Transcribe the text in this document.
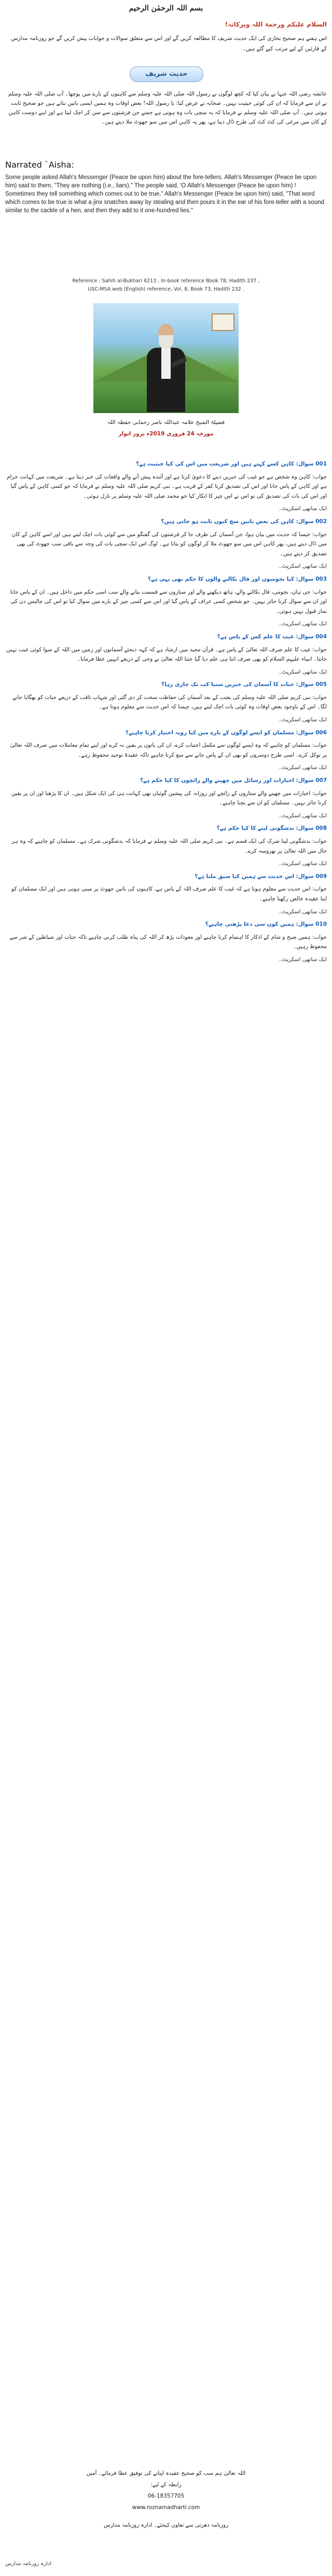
بسم اللہ الرحمٰن الرحیم
السلام علیکم ورحمۃ اللہ وبرکاتہ!
اس ہفتے ہم صحیح بخاری کی ایک حدیث شریف کا مطالعہ کریں گے اور اس سے متعلق سوالات و جوابات پیش کریں گے جو روزنامہ مدارس کے قارئین کے لیے مرتب کیے گئے ہیں۔
حدیث شریف
عائشہ رضی اللہ عنہا نے بیان کیا کہ کچھ لوگوں نے رسول اللہ صلی اللہ علیہ وسلم سے کاہنوں کے بارے میں پوچھا۔ آپ صلی اللہ علیہ وسلم نے ان سے فرمایا کہ ان کی کوئی حیثیت نہیں۔ صحابہ نے عرض کیا: یا رسول اللہ! بعض اوقات وہ ہمیں ایسی باتیں بتاتے ہیں جو صحیح ثابت ہوتی ہیں۔ آپ صلی اللہ علیہ وسلم نے فرمایا کہ یہ سچی بات وہ ہوتی ہے جسے جن فرشتوں سے سن کر اچک لیتا ہے اور اپنے دوست کاہن کے کان میں مرغی کی کٹ کٹ کی طرح ڈال دیتا ہے، پھر یہ کاہن اس میں سو جھوٹ ملا دیتے ہیں۔
Narrated `Aisha:
Some people asked Allah's Messenger (Peace be upon him) about the fore-tellers. Allah's Messenger (Peace be upon him) said to them, "They are nothing (i.e., liars)." The people said, 'O Allah's Messenger (Peace be upon him) ! Sometimes they tell something which comes out to be true." Allah's Messenger (Peace be upon him) said, "That word which comes to be true is what a jinx snatches away by stealing and then pours it in the ear of his fore-teller with a sound similar to the cackle of a hen, and then they add to it one-hundred lies."
Reference : Sahih al-Bukhari 6213 , In-book reference Book 78, Hadith 237 ,
USC-MSA web (English) reference, Vol. 8, Book 73, Hadith 232 .
فضیلۃ الشیخ علامہ عبداللہ ناصر رحمانی حفظہ اللہ
مورخہ 24 فروری 2019ء بروز اتوار

001 سوال: کاہن کسے کہتے ہیں اور شریعت میں اس کی کیا حیثیت ہے؟

جواب: کاہن وہ شخص ہے جو غیب کی خبریں دینے کا دعویٰ کرتا ہے اور آئندہ پیش آنے والے واقعات کی خبر دیتا ہے۔ شریعت میں کہانت حرام ہے اور کاہن کے پاس جانا اور اس کی تصدیق کرنا کفر کے قریب ہے۔ نبی کریم صلی اللہ علیہ وسلم نے فرمایا کہ جو کسی کاہن کے پاس گیا اور اس کی بات کی تصدیق کی تو اس نے اس چیز کا انکار کیا جو محمد صلی اللہ علیہ وسلم پر نازل ہوئی۔

ایک ساتھی اسکرپٹ۔

002 سوال: کاہن کی بعض باتیں سچ کیوں ثابت ہو جاتی ہیں؟

جواب: جیسا کہ حدیث میں بیان ہوا، جن آسمان کی طرف جا کر فرشتوں کی گفتگو میں سے کوئی بات اچک لیتے ہیں اور اسے کاہن کے کان میں ڈال دیتے ہیں، پھر کاہن اس میں سو جھوٹ ملا کر لوگوں کو بتاتا ہے۔ لوگ اس ایک سچی بات کی وجہ سے باقی سب جھوٹ کی بھی تصدیق کر دیتے ہیں۔

ایک ساتھی اسکرپٹ۔

003 سوال: کیا نجومیوں اور فال نکالنے والوں کا حکم بھی یہی ہے؟

جواب: جی ہاں، نجومی، فال نکالنے والے، ہاتھ دیکھنے والے اور ستاروں سے قسمت بتانے والے سب اسی حکم میں داخل ہیں۔ ان کے پاس جانا اور ان سے سوال کرنا جائز نہیں۔ جو شخص کسی عراف کے پاس گیا اور اس سے کسی چیز کے بارے میں سوال کیا تو اس کی چالیس دن کی نماز قبول نہیں ہوتی۔

ایک ساتھی اسکرپٹ۔

004 سوال: غیب کا علم کس کے پاس ہے؟

جواب: غیب کا علم صرف اللہ تعالیٰ کے پاس ہے۔ قرآن مجید میں ارشاد ہے کہ کہہ دیجئے آسمانوں اور زمین میں اللہ کے سوا کوئی غیب نہیں جانتا۔ انبیاء علیہم السلام کو بھی صرف اتنا ہی علم دیا گیا جتنا اللہ تعالیٰ نے وحی کے ذریعے انہیں عطا فرمایا۔

ایک ساتھی اسکرپٹ۔

005 سوال: جنات کا آسمان کی خبریں سننا کب تک جاری رہا؟

جواب: نبی کریم صلی اللہ علیہ وسلم کی بعثت کے بعد آسمان کی حفاظت سخت کر دی گئی اور شہاب ثاقب کے ذریعے جنات کو بھگایا جانے لگا۔ اس کے باوجود بعض اوقات وہ کوئی بات اچک لیتے ہیں، جیسا کہ اس حدیث سے معلوم ہوتا ہے۔

ایک ساتھی اسکرپٹ۔

006 سوال: مسلمان کو ایسے لوگوں کے بارے میں کیا رویہ اختیار کرنا چاہیے؟

جواب: مسلمان کو چاہیے کہ وہ ایسے لوگوں سے مکمل اجتناب کرے، ان کی باتوں پر یقین نہ کرے اور اپنے تمام معاملات میں صرف اللہ تعالیٰ پر توکل کرے۔ اسی طرح دوسروں کو بھی ان کے پاس جانے سے منع کرنا چاہیے تاکہ عقیدۂ توحید محفوظ رہے۔

ایک ساتھی اسکرپٹ۔

007 سوال: اخبارات اور رسائل میں چھپنے والے زائچوں کا کیا حکم ہے؟

جواب: اخبارات میں چھپنے والے ستاروں کے زائچے اور روزانہ کی پیشین گوئیاں بھی کہانت ہی کی ایک شکل ہیں۔ ان کا پڑھنا اور ان پر یقین کرنا جائز نہیں۔ مسلمان کو ان سے بچنا چاہیے۔

ایک ساتھی اسکرپٹ۔

008 سوال: بدشگونی لینے کا کیا حکم ہے؟

جواب: بدشگونی لینا شرک کی ایک قسم ہے۔ نبی کریم صلی اللہ علیہ وسلم نے فرمایا کہ بدشگونی شرک ہے۔ مسلمان کو چاہیے کہ وہ ہر حال میں اللہ تعالیٰ پر بھروسہ کرے۔

ایک ساتھی اسکرپٹ۔

009 سوال: اس حدیث سے ہمیں کیا سبق ملتا ہے؟

جواب: اس حدیث سے معلوم ہوتا ہے کہ غیب کا علم صرف اللہ کے پاس ہے، کاہنوں کی باتیں جھوٹ پر مبنی ہوتی ہیں اور ایک مسلمان کو اپنا عقیدہ خالص رکھنا چاہیے۔

ایک ساتھی اسکرپٹ۔

010 سوال: ہمیں کون سی دعا پڑھنی چاہیے؟

جواب: ہمیں صبح و شام کے اذکار کا اہتمام کرنا چاہیے اور معوذات پڑھ کر اللہ کی پناہ طلب کرنی چاہیے تاکہ جنات اور شیاطین کے شر سے محفوظ رہیں۔

ایک ساتھی اسکرپٹ۔

اللہ تعالیٰ ہم سب کو صحیح عقیدہ اپنانے کی توفیق عطا فرمائے۔ آمین
رابطہ کے لیے:
06-18357705
www.roznamadharti.com
روزنامہ دھرتی سے تعاون کیجئے۔ ادارہ روزنامہ مدارس
ادارہ روزنامہ مدارس
